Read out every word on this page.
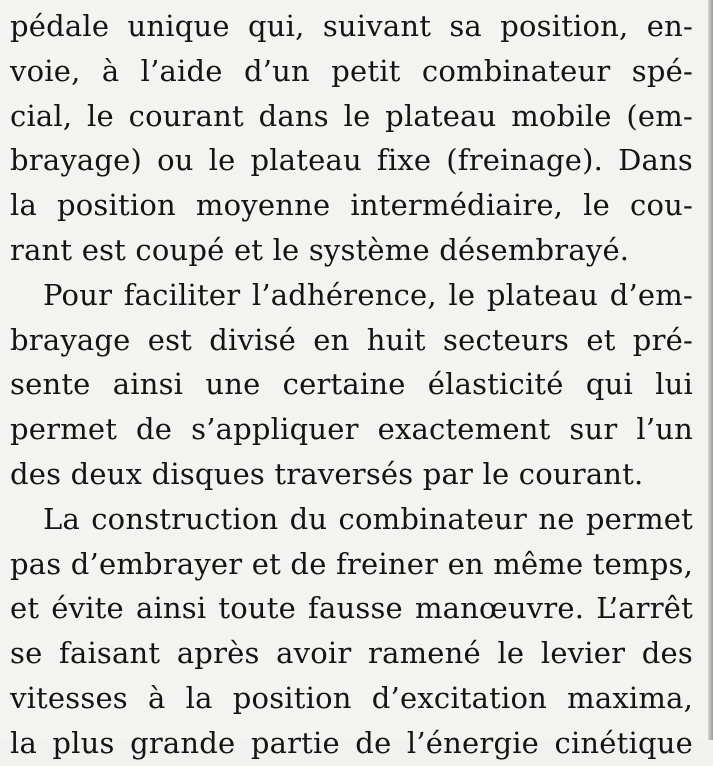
pédale unique qui, suivant sa position, en-
voie, à l’aide d’un petit combinateur spé-
cial, le courant dans le plateau mobile (em-
brayage) ou le plateau fixe (freinage). Dans
la position moyenne intermédiaire, le cou-
rant est coupé et le système désembrayé.
Pour faciliter l’adhérence, le plateau d’em-
brayage est divisé en huit secteurs et pré-
sente ainsi une certaine élasticité qui lui
permet de s’appliquer exactement sur l’un
des deux disques traversés par le courant.
La construction du combinateur ne permet
pas d’embrayer et de freiner en même temps,
et évite ainsi toute fausse manœuvre. L’arrêt
se faisant après avoir ramené le levier des
vitesses à la position d’excitation maxima,
la plus grande partie de l’énergie cinétique
